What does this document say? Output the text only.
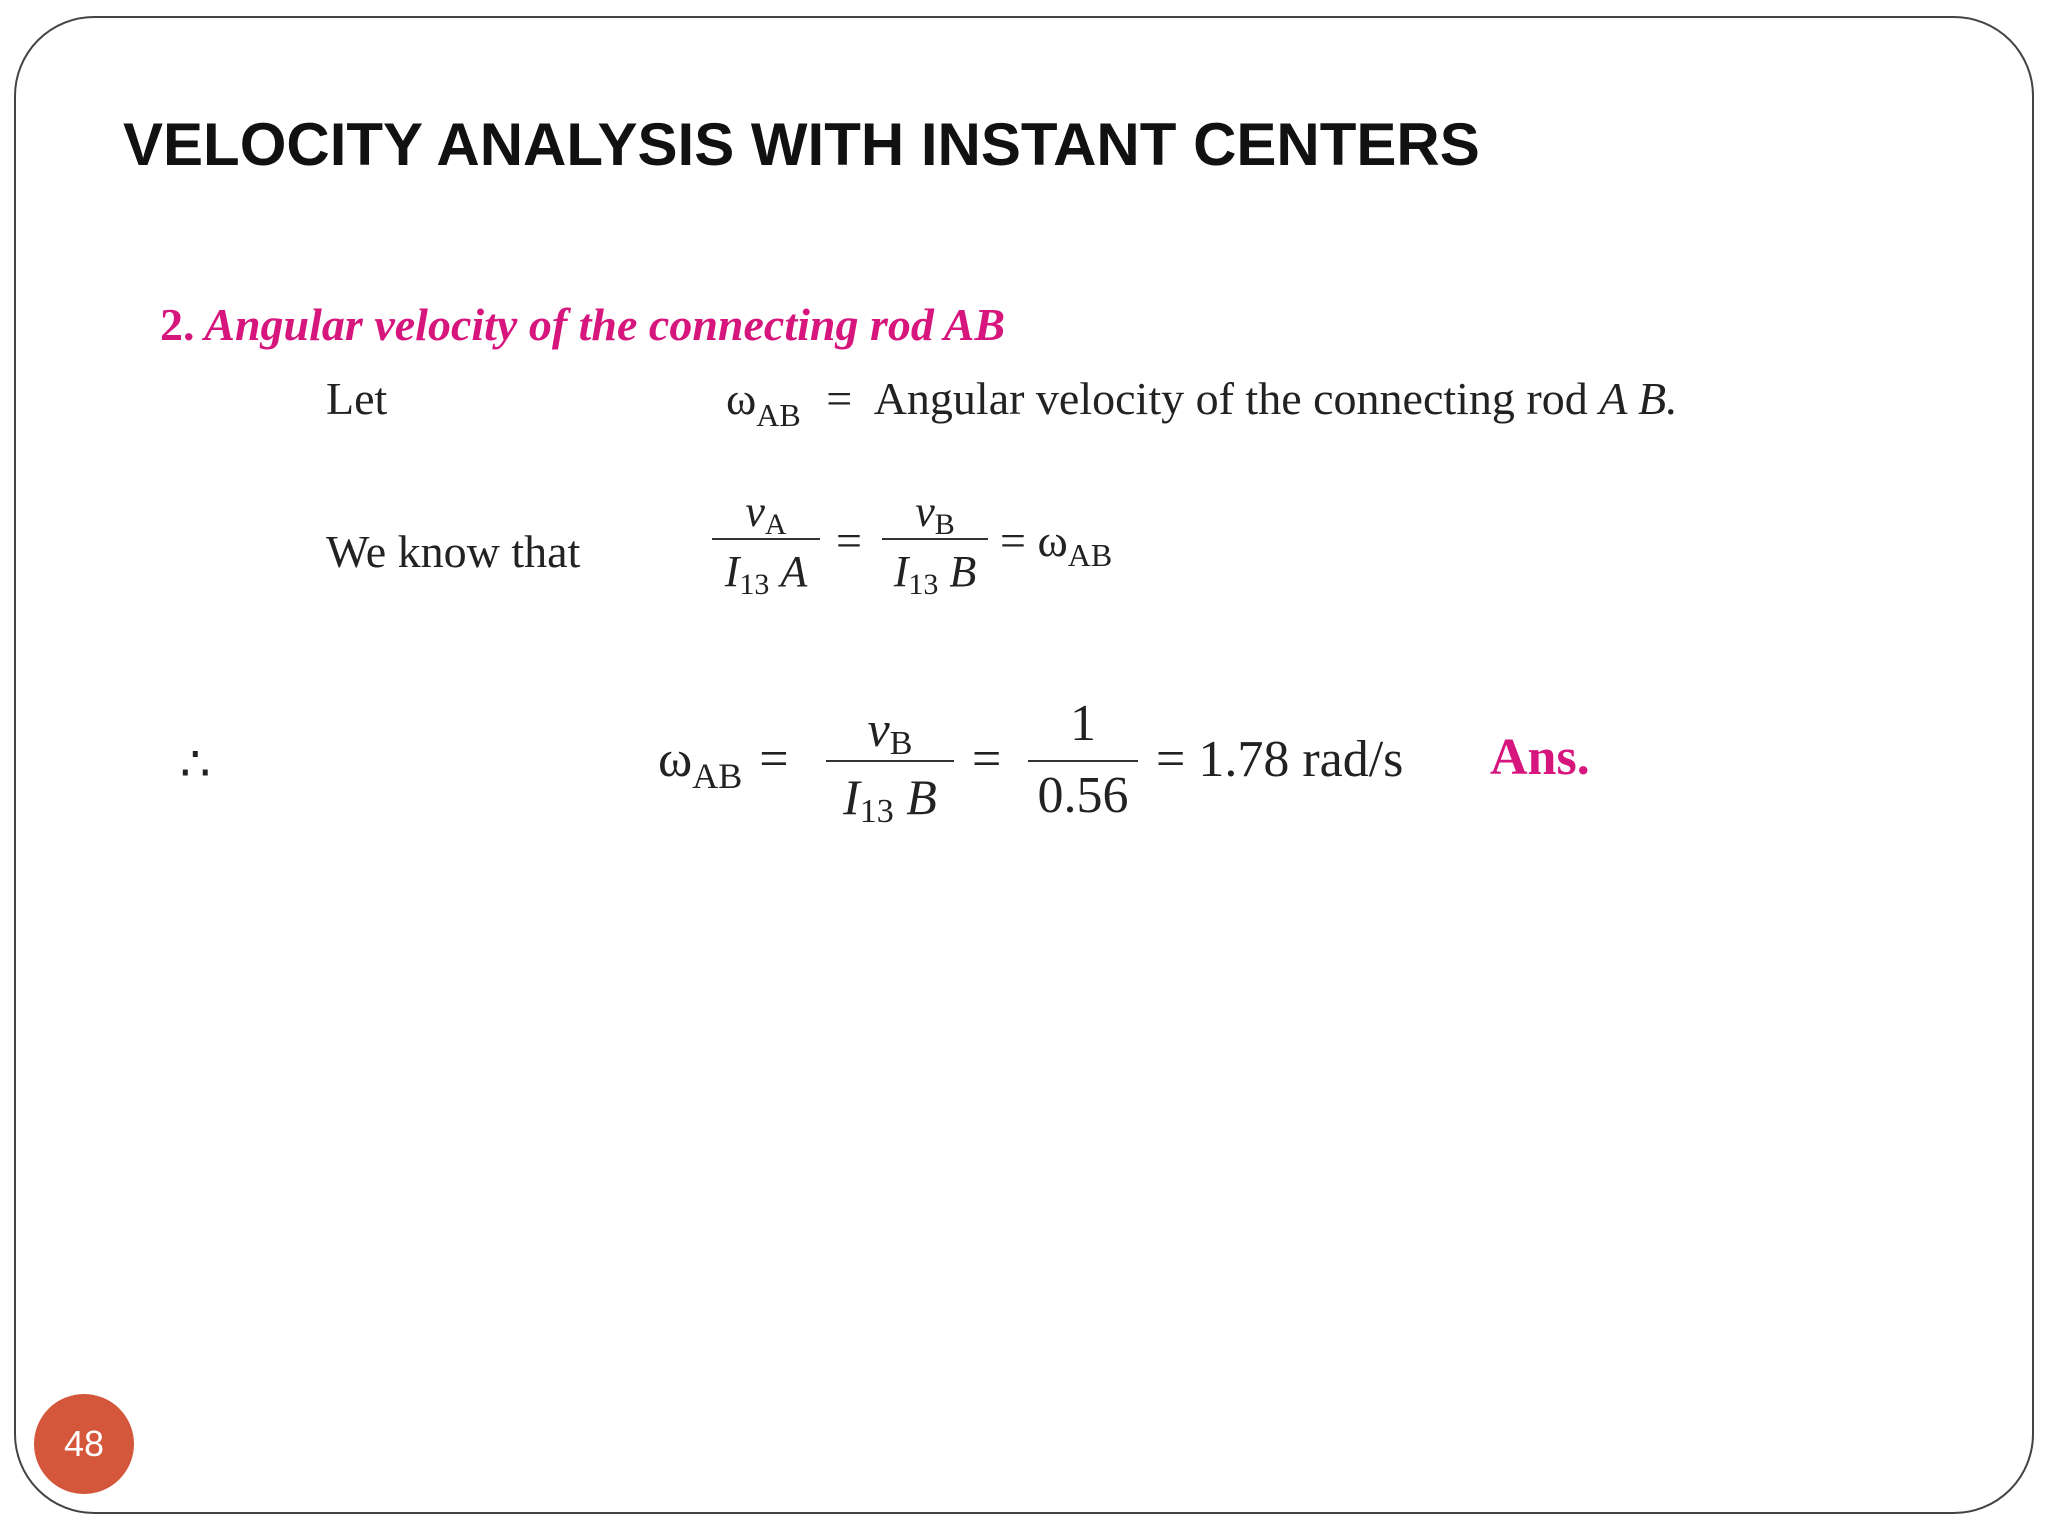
VELOCITY ANALYSIS WITH INSTANT CENTERS
2. Angular velocity of the connecting rod AB
Let	$\omega_{AB}$ = Angular velocity of the connecting rod A B.
We know that
vA
I13 A
=
vB
I13 B
= $\omega_{AB}$
∴	$\omega_{AB}$ =
vB
I13 B
=
1
0.56
= 1.78 rad/s Ans.
48
